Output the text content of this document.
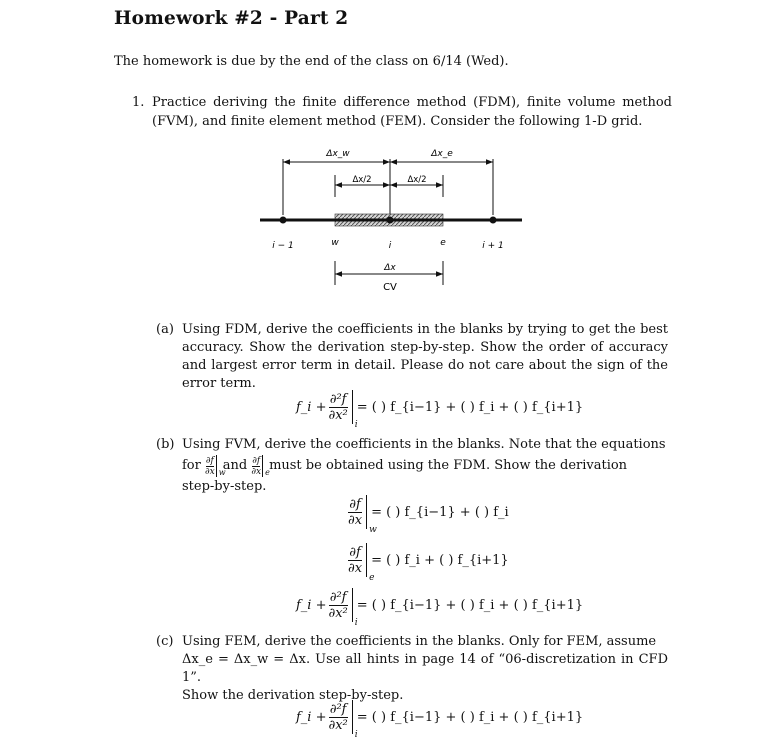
Homework #2 - Part 2
The homework is due by the end of the class on 6/14 (Wed).
1. Practice deriving the finite difference method (FDM), finite volume method (FVM), and finite element method (FEM). Consider the following 1-D grid.
Δx_w	Δx_e
Δx/2	Δx/2
i − 1	w	i	e	i + 1
Δx
CV
(a) Using FDM, derive the coefficients in the blanks by trying to get the best accuracy. Show the derivation step-by-step. Show the order of accuracy and largest error term in detail. Please do not care about the sign of the error term.
f_i + $\frac{\text{∂²f}}{\text{∂x²}}$
i
= ( ) f_{i−1} + ( ) f_i + ( ) f_{i+1}
(b) Using FVM, derive the coefficients in the blanks. Note that the equations
for
$\frac{\partial f}{\partial x}$ w
and
$\frac{\partial f}{\partial x}$ e must be obtained using the FDM. Show the derivation
step-by-step.
$\frac{\partial f}{\partial x}$
w
= ( ) f_{i−1} + ( ) f_i
$\frac{\partial f}{\partial x}$
e
= ( ) f_i + ( ) f_{i+1}
f_i + $\frac{\text{∂²f}}{\text{∂x²}}$
i
= ( ) f_{i−1} + ( ) f_i + ( ) f_{i+1}
(c) Using FEM, derive the coefficients in the blanks. Only for FEM, assume
Δx_e = Δx_w = Δx. Use all hints in page 14 of “06-discretization in CFD 1”.
Show the derivation step-by-step.
f_i + $\frac{\text{∂²f}}{\text{∂x²}}$
i
= ( ) f_{i−1} + ( ) f_i + ( ) f_{i+1}
